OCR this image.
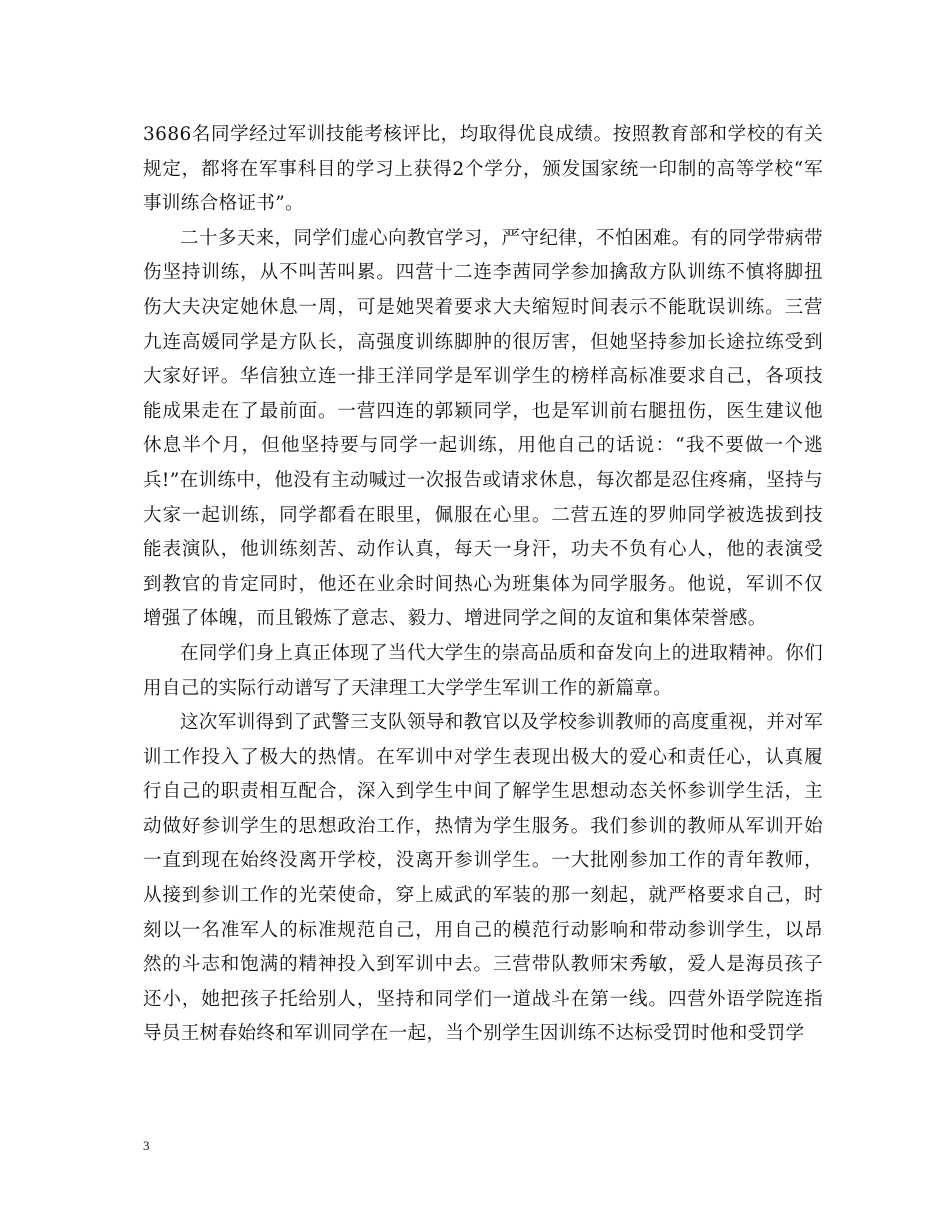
3686名同学经过军训技能考核评比，均取得优良成绩。按照教育部和学校的有关规定，都将在军事科目的学习上获得2个学分，颁发国家统一印制的高等学校“军事训练合格证书”。

二十多天来，同学们虚心向教官学习，严守纪律，不怕困难。有的同学带病带伤坚持训练，从不叫苦叫累。四营十二连李茜同学参加擒敌方队训练不慎将脚扭伤大夫决定她休息一周，可是她哭着要求大夫缩短时间表示不能耽误训练。三营九连高媛同学是方队长，高强度训练脚肿的很厉害，但她坚持参加长途拉练受到大家好评。华信独立连一排王洋同学是军训学生的榜样高标准要求自己，各项技能成果走在了最前面。一营四连的郭颖同学，也是军训前右腿扭伤，医生建议他休息半个月，但他坚持要与同学一起训练，用他自己的话说：“我不要做一个逃兵!”在训练中，他没有主动喊过一次报告或请求休息，每次都是忍住疼痛，坚持与大家一起训练，同学都看在眼里，佩服在心里。二营五连的罗帅同学被选拔到技能表演队，他训练刻苦、动作认真，每天一身汗，功夫不负有心人，他的表演受到教官的肯定同时，他还在业余时间热心为班集体为同学服务。他说，军训不仅增强了体魄，而且锻炼了意志、毅力、增进同学之间的友谊和集体荣誉感。

在同学们身上真正体现了当代大学生的崇高品质和奋发向上的进取精神。你们用自己的实际行动谱写了天津理工大学学生军训工作的新篇章。

这次军训得到了武警三支队领导和教官以及学校参训教师的高度重视，并对军训工作投入了极大的热情。在军训中对学生表现出极大的爱心和责任心，认真履行自己的职责相互配合，深入到学生中间了解学生思想动态关怀参训学生活，主动做好参训学生的思想政治工作，热情为学生服务。我们参训的教师从军训开始一直到现在始终没离开学校，没离开参训学生。一大批刚参加工作的青年教师，从接到参训工作的光荣使命，穿上威武的军装的那一刻起，就严格要求自己，时刻以一名准军人的标准规范自己，用自己的模范行动影响和带动参训学生，以昂然的斗志和饱满的精神投入到军训中去。三营带队教师宋秀敏，爱人是海员孩子还小，她把孩子托给别人，坚持和同学们一道战斗在第一线。四营外语学院连指导员王树春始终和军训同学在一起，当个别学生因训练不达标受罚时他和受罚学

3
